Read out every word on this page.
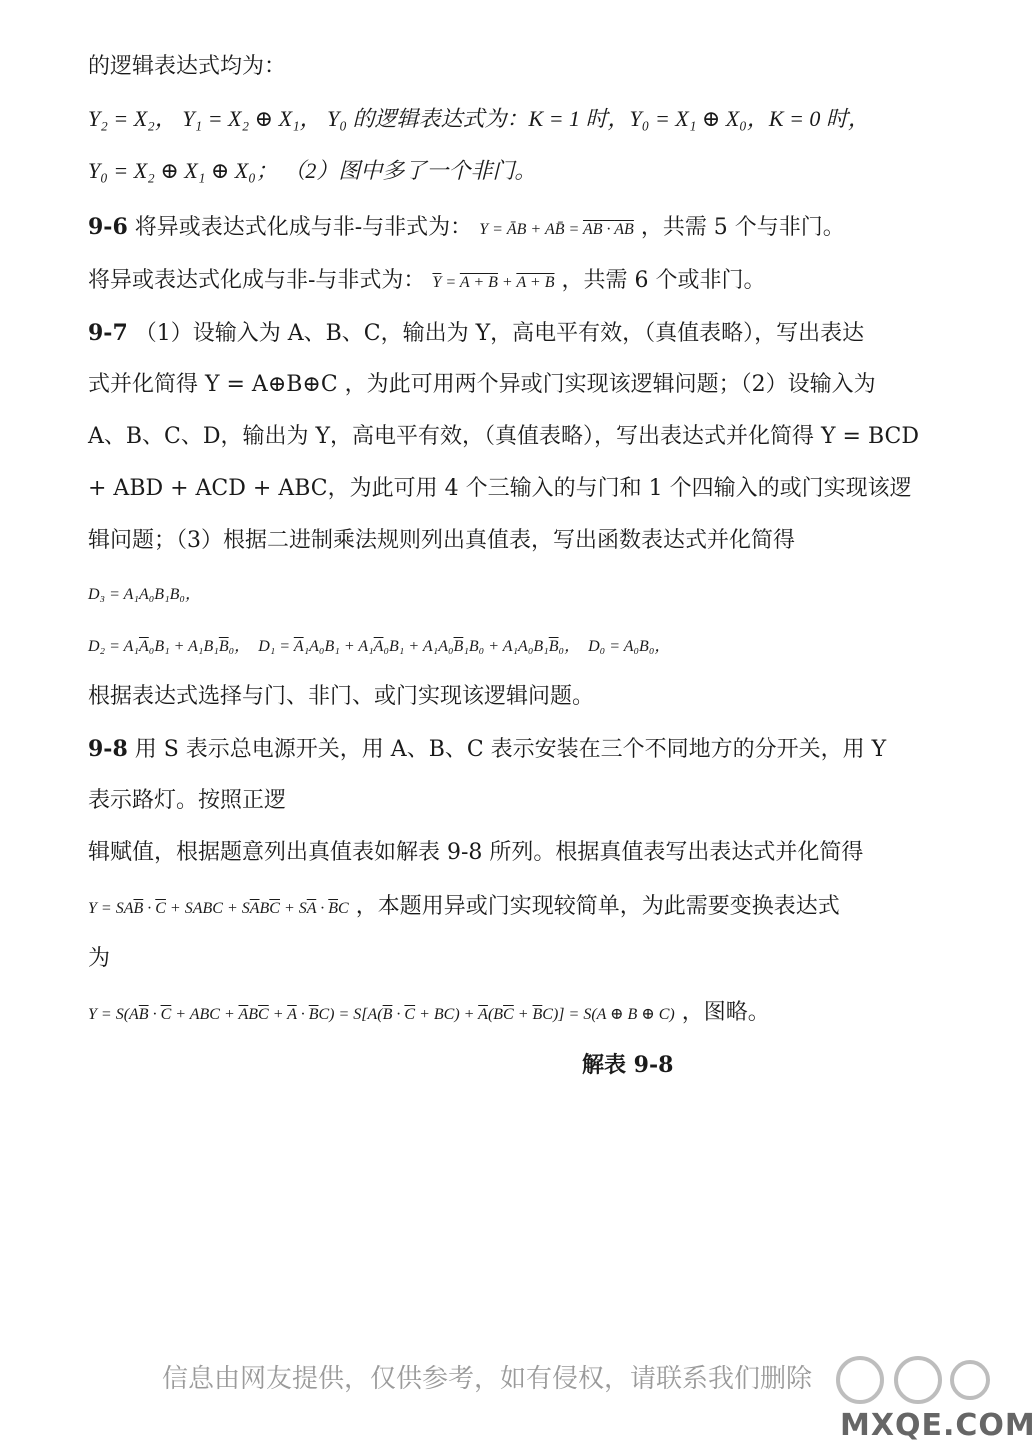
的逻辑表达式均为：
Y₂ = X₂， Y₁ = X₂ ⊕ X₁， Y₀ 的逻辑表达式为：K = 1 时，Y₀ = X₁ ⊕ X₀，K = 0 时，
Y₀ = X₂ ⊕ X₁ ⊕ X₀； （2）图中多了一个非门。
9-6 将异或表达式化成与非-与非式为： Y = ĀB + AB̄ = AB · AB ，共需 5 个与非门。
将异或表达式化成与非-与非式为： $\overline{Y} = A + B + A + B$ ，共需 6 个或非门。
9-7 （1）设输入为 A、B、C，输出为 Y，高电平有效，（真值表略），写出表达
式并化简得 Y = A⊕B⊕C ，为此可用两个异或门实现该逻辑问题；（2）设输入为
A、B、C、D，输出为 Y，高电平有效，（真值表略），写出表达式并化简得 Y = BCD
+ ABD + ACD + ABC，为此可用 4 个三输入的与门和 1 个四输入的或门实现该逻
辑问题；（3）根据二进制乘法规则列出真值表，写出函数表达式并化简得
D₃ = A₁A₀B₁B₀，
$D_2 = A_1\overline{A}_0B_1 + A_1B_1\overline{B}_0$， $D_1 = \overline{A}_1A_0B_1 + A_1\overline{A}_0B_1 + A_1A_0\overline{B}_1B_0 + A_1A_0B_1\overline{B}_0$， D₀ = A₀B₀，
根据表达式选择与门、非门、或门实现该逻辑问题。
9-8 用 S 表示总电源开关，用 A、B、C 表示安装在三个不同地方的分开关，用 Y
表示路灯。按照正逻
辑赋值，根据题意列出真值表如解表 9-8 所列。根据真值表写出表达式并化简得
$Y = SA\overline{B} \cdot \overline{C}$ + SABC + $S\overline{A}B\overline{C} + S\overline{A} \cdot \overline{B}C$ ，本题用异或门实现较简单，为此需要变换表达式
为
$Y = S(A\overline{B} \cdot \overline{C}$ + ABC + $\overline{A}B\overline{C} + \overline{A} \cdot \overline{B}C) = S[A(\overline{B} \cdot \overline{C} + BC) + \overline{A}(B\overline{C} + \overline{B}C)] = S(A$ ⊕ B ⊕ C) ，图略。
解表 9-8
信息由网友提供，仅供参考，如有侵权，请联系我们删除
MXQE.COM
